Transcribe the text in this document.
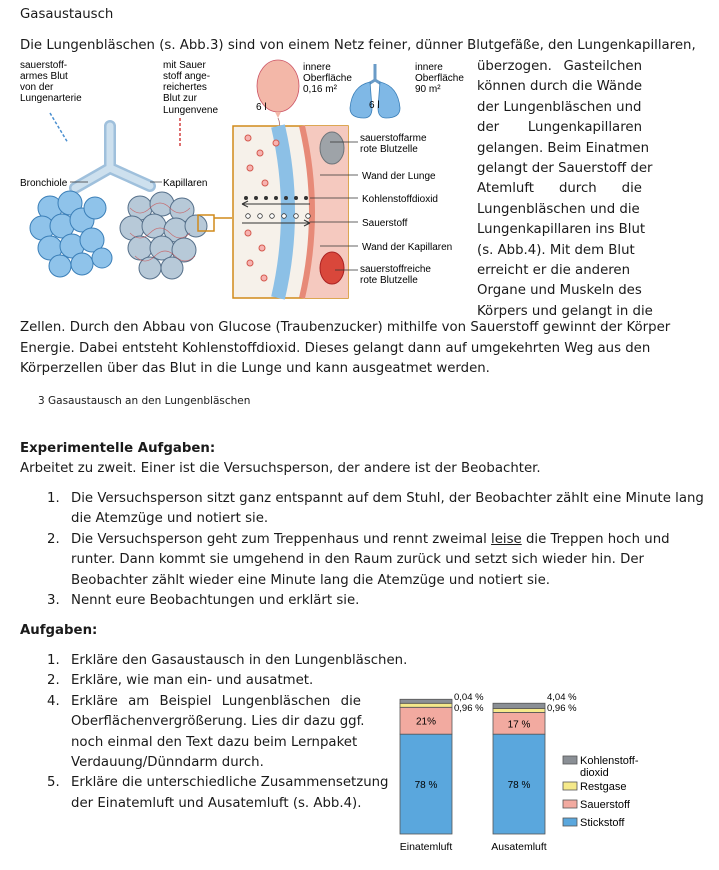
Gasaustausch
Die Lungenbläschen (s. Abb.3) sind von einem Netz feiner, dünner Blutgefäße, den Lungenkapillaren,
überzogen. Gasteilchen
können durch die Wände
der Lungenbläschen und
der Lungenkapillaren
gelangen. Beim Einatmen
gelangt der Sauerstoff der
Atemluft durch die
Lungenbläschen und die
Lungenkapillaren ins Blut
(s. Abb.4). Mit dem Blut
erreicht er die anderen
Organe und Muskeln des
Körpers und gelangt in die
Zellen. Durch den Abbau von Glucose (Traubenzucker) mithilfe von Sauerstoff gewinnt der Körper
Energie. Dabei entsteht Kohlenstoffdioxid. Dieses gelangt dann auf umgekehrten Weg aus den
Körperzellen über das Blut in die Lunge und kann ausgeatmet werden.
sauerstoff-
armes Blut
von der
Lungenarterie
mit Sauer
stoff ange-
reichertes
Blut zur
Lungenvene
Bronchiole	Kapillaren
6 l
innere
Oberfläche
0,16 m²
6 l
innere
Oberfläche
90 m²
sauerstoffarme
rote Blutzelle
Wand der Lunge
Kohlenstoffdioxid
Sauerstoff
Wand der Kapillaren
sauerstoffreiche
rote Blutzelle
3 Gasaustausch an den Lungenbläschen
Experimentelle Aufgaben:
Arbeitet zu zweit. Einer ist die Versuchsperson, der andere ist der Beobachter.
1. Die Versuchsperson sitzt ganz entspannt auf dem Stuhl, der Beobachter zählt eine Minute lang
die Atemzüge und notiert sie.
2. Die Versuchsperson geht zum Treppenhaus und rennt zweimal leise die Treppen hoch und
runter. Dann kommt sie umgehend in den Raum zurück und setzt sich wieder hin. Der
Beobachter zählt wieder eine Minute lang die Atemzüge und notiert sie.
3. Nennt eure Beobachtungen und erklärt sie.
Aufgaben:
1. Erkläre den Gasaustausch in den Lungenbläschen.
2. Erkläre, wie man ein- und ausatmet.
4. Erkläre am Beispiel Lungenbläschen die
Oberflächenvergrößerung. Lies dir dazu ggf.
noch einmal den Text dazu beim Lernpaket
Verdauung/Dünndarm durch.
5. Erkläre die unterschiedliche Zusammensetzung
der Einatemluft und Ausatemluft (s. Abb.4).
78 %
21%
0,04 %
0,96 %
Einatemluft
78 %
17 %
4,04 %
0,96 %
Ausatemluft
Kohlenstoff-
dioxid
Restgase
Sauerstoff
Stickstoff
